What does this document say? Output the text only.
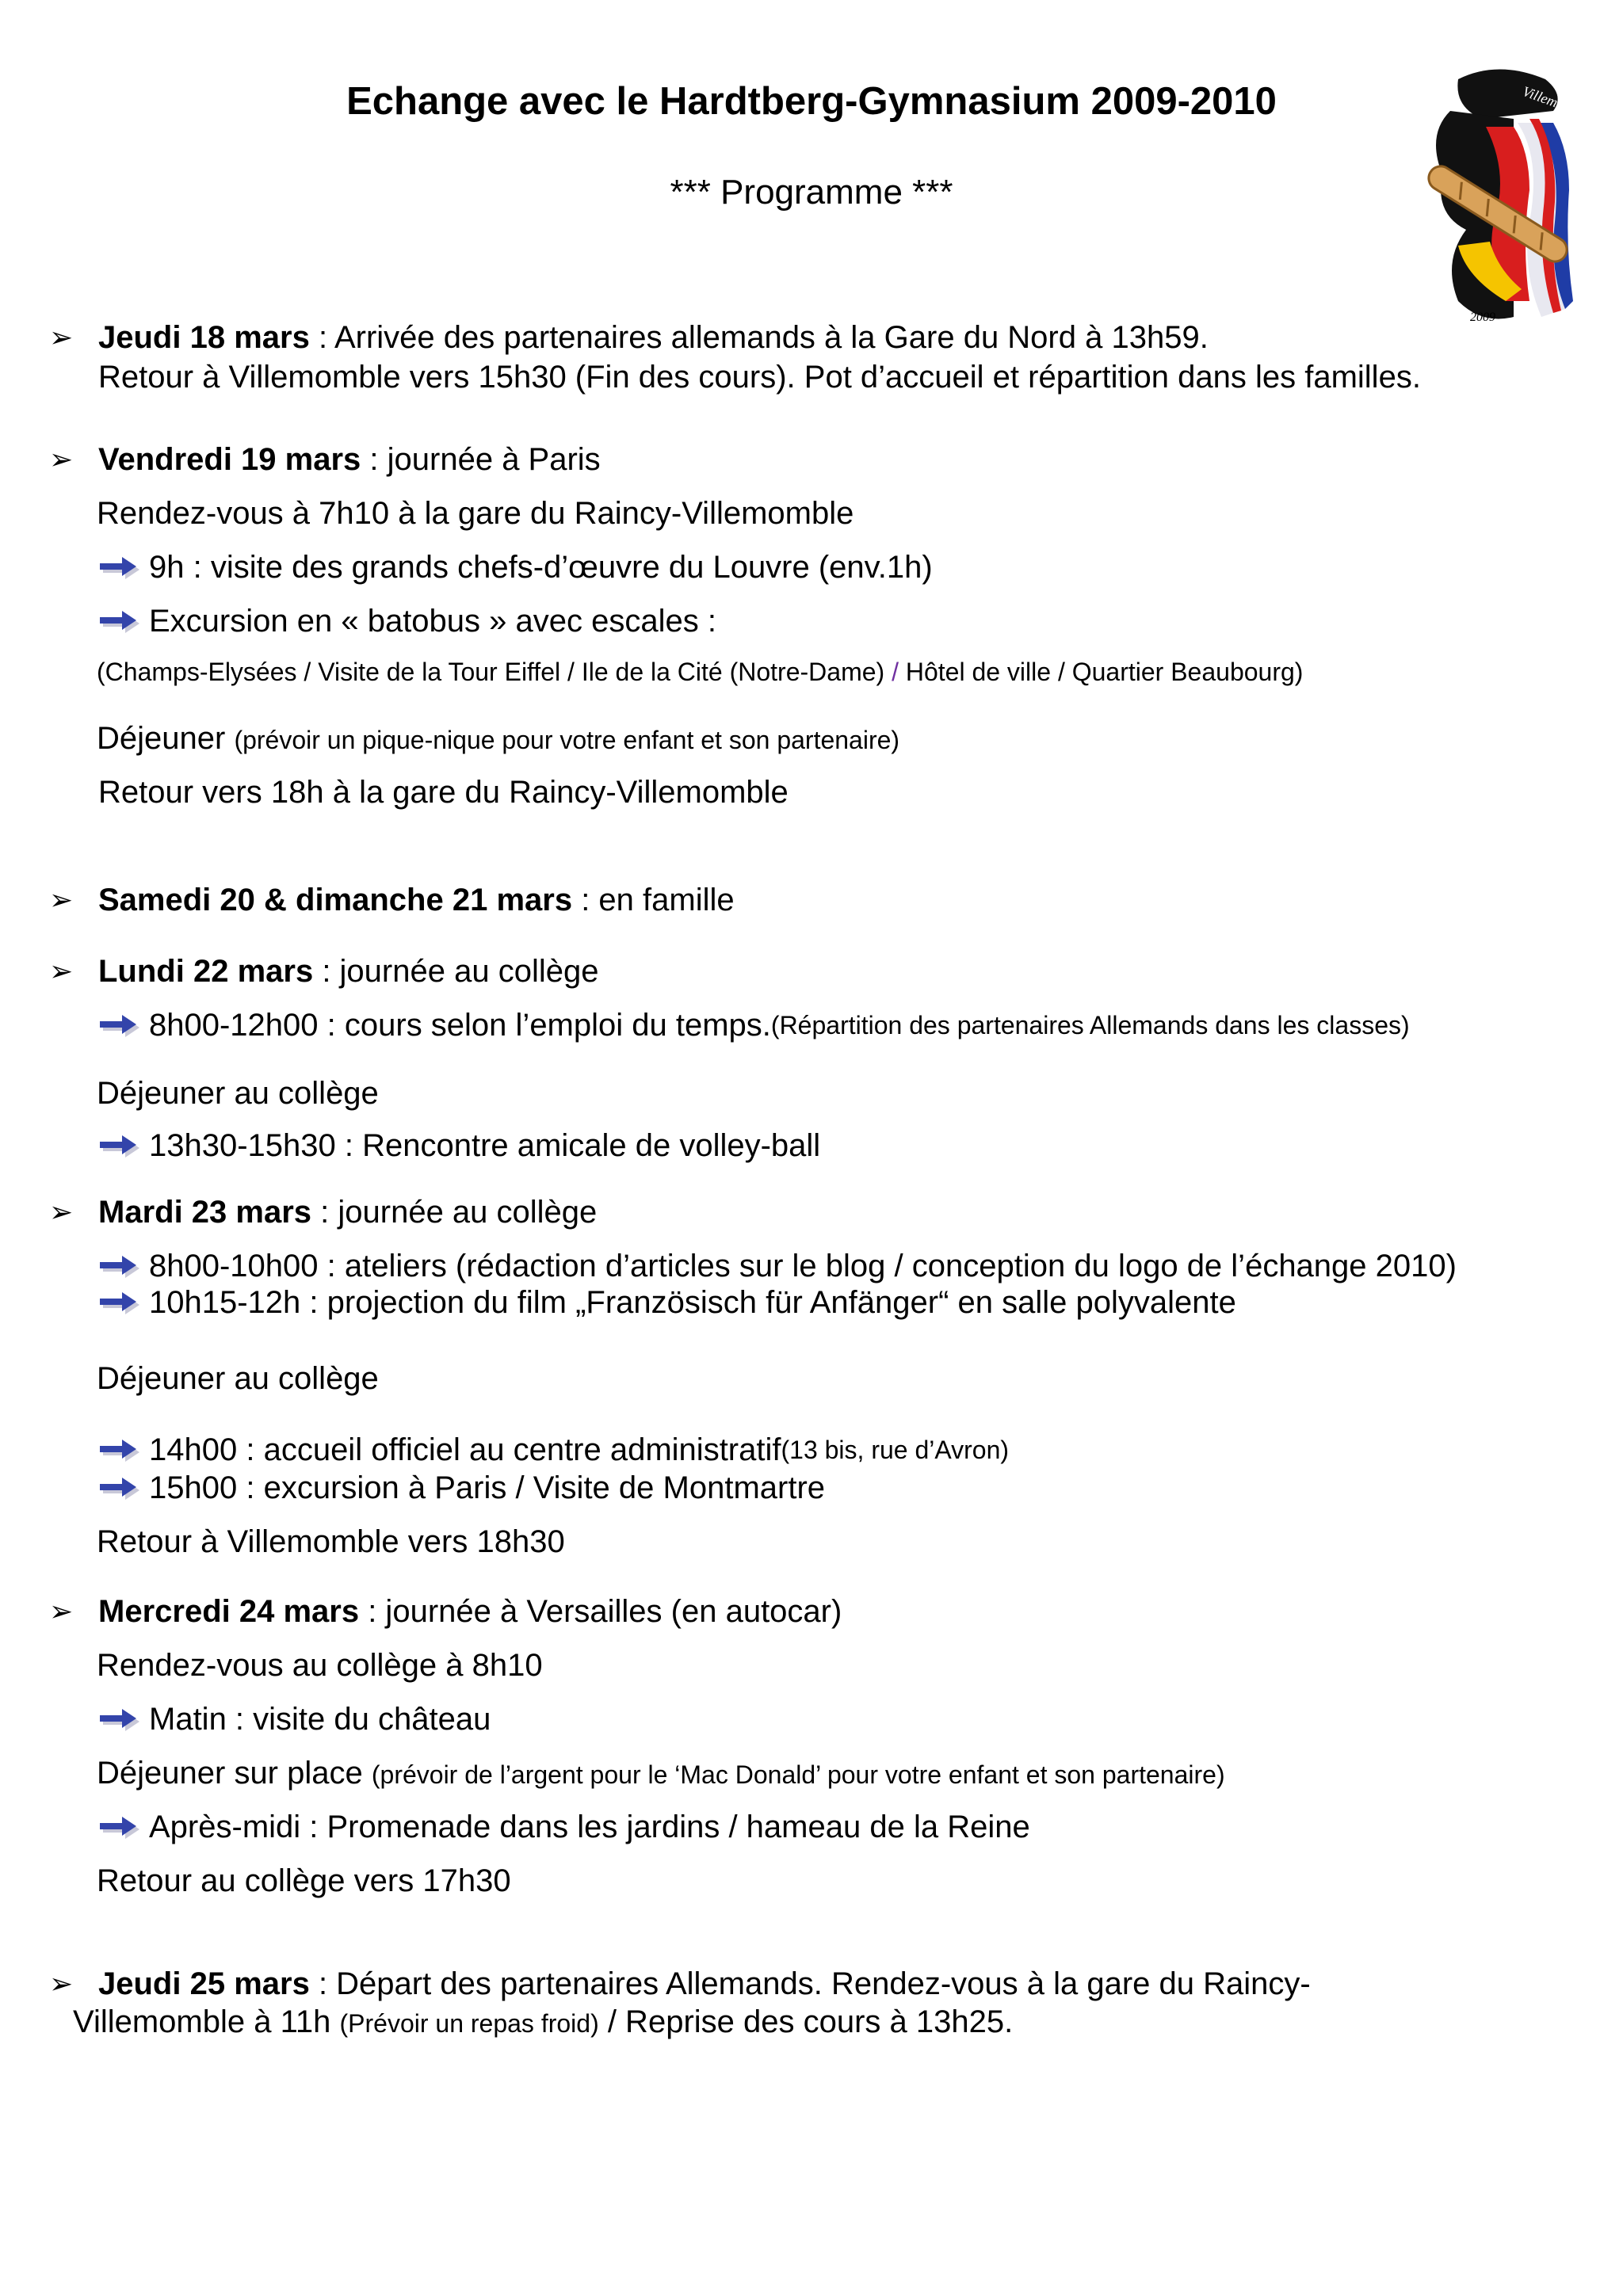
Echange avec le Hardtberg-Gymnasium 2009-2010
*** Programme ***
Villemomble
2009
➢ Jeudi 18 mars : Arrivée des partenaires allemands à la Gare du Nord à 13h59.
Retour à Villemomble vers 15h30 (Fin des cours). Pot d’accueil et répartition dans les familles.
➢ Vendredi 19 mars : journée à Paris
Rendez-vous à 7h10 à la gare du Raincy-Villemomble
9h : visite des grands chefs-d’œuvre du Louvre (env.1h)
Excursion en « batobus » avec escales :
(Champs-Elysées / Visite de la Tour Eiffel / Ile de la Cité (Notre-Dame) / Hôtel de ville / Quartier Beaubourg)
Déjeuner (prévoir un pique-nique pour votre enfant et son partenaire)
Retour vers 18h à la gare du Raincy-Villemomble
➢ Samedi 20 & dimanche 21 mars : en famille
➢ Lundi 22 mars : journée au collège
8h00-12h00 : cours selon l’emploi du temps. (Répartition des partenaires Allemands dans les classes)
Déjeuner au collège
13h30-15h30 : Rencontre amicale de volley-ball
➢ Mardi 23 mars : journée au collège
8h00-10h00 : ateliers (rédaction d’articles sur le blog / conception du logo de l’échange 2010)
10h15-12h : projection du film „Französisch für Anfänger“ en salle polyvalente
Déjeuner au collège
14h00 : accueil officiel au centre administratif (13 bis, rue d’Avron)
15h00 : excursion à Paris / Visite de Montmartre
Retour à Villemomble vers 18h30
➢ Mercredi 24 mars : journée à Versailles (en autocar)
Rendez-vous au collège à 8h10
Matin : visite du château
Déjeuner sur place (prévoir de l’argent pour le ‘Mac Donald’ pour votre enfant et son partenaire)
Après-midi : Promenade dans les jardins / hameau de la Reine
Retour au collège vers 17h30
➢ Jeudi 25 mars : Départ des partenaires Allemands. Rendez-vous à la gare du Raincy-
Villemomble à 11h (Prévoir un repas froid) / Reprise des cours à 13h25.
